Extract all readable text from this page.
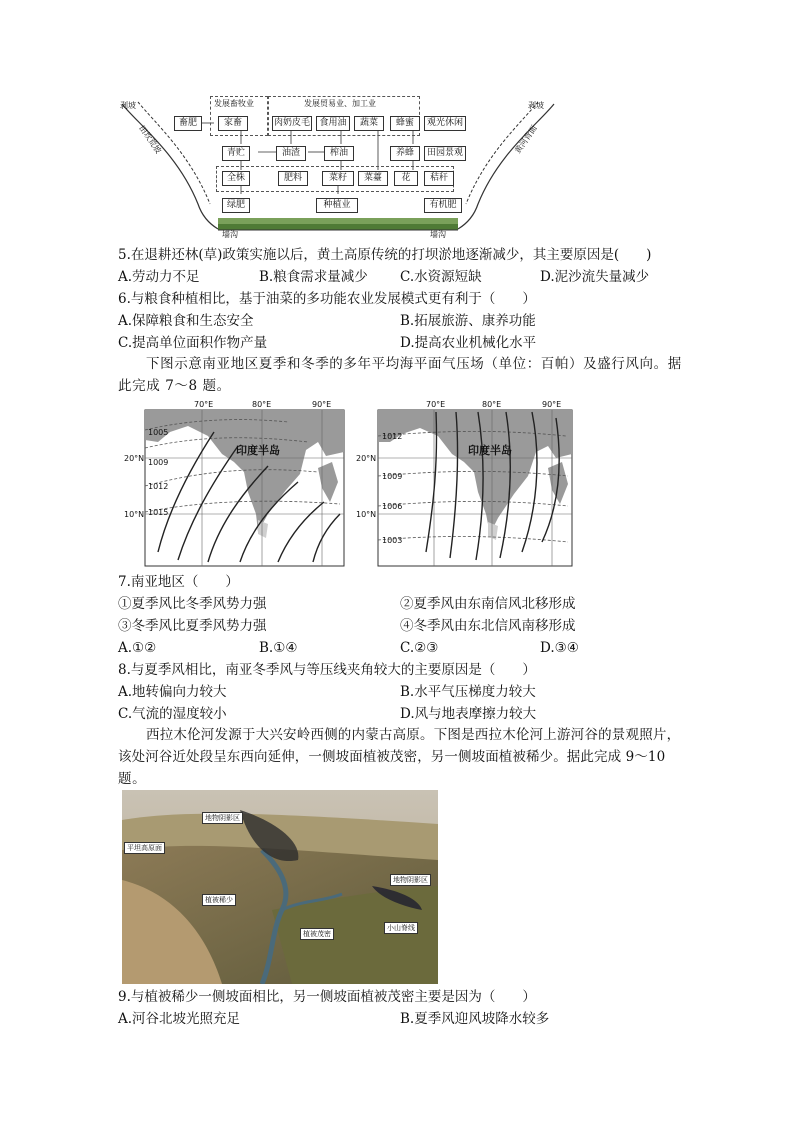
发展畜牧业	发展贸易业、加工业
畜肥	家畜	肉奶皮毛	食用油	蔬菜	蜂蜜	观光休闲
青贮	油渣	榨油	养蜂	田园景观
全株	肥料	菜籽	菜薹	花	秸秆
绿肥	种植业	有机肥
剥坡	剥坡
田坎荒坡	黄河背面
墙沟	墙沟
5.在退耕还林(草)政策实施以后，黄土高原传统的打坝淤地逐渐减少，其主要原因是(　　)
A.劳动力不足	B.粮食需求量减少 C.水资源短缺	D.泥沙流失量减少
6.与粮食种植相比，基于油菜的多功能农业发展模式更有利于（　　）
A.保障粮食和生态安全	B.拓展旅游、康养功能
C.提高单位面积作物产量	D.提高农业机械化水平
下图示意南亚地区夏季和冬季的多年平均海平面气压场（单位：百帕）及盛行风向。据
此完成 7～8 题。
70°E	80°E	90°E
20°N
10°N
1005
1009
1012
1015
印度半岛
70°E	80°E	90°E
20°N
10°N
1012
1009
1006
1003
印度半岛
7.南亚地区（　　）
①夏季风比冬季风势力强	②夏季风由东南信风北移形成
③冬季风比夏季风势力强	④冬季风由东北信风南移形成
A.①②	B.①④	C.②③	D.③④
8.与夏季风相比，南亚冬季风与等压线夹角较大的主要原因是（　　）
A.地转偏向力较大	B.水平气压梯度力较大
C.气流的湿度较小	D.风与地表摩擦力较大
西拉木伦河发源于大兴安岭西侧的内蒙古高原。下图是西拉木伦河上游河谷的景观照片，
该处河谷近处段呈东西向延伸，一侧坡面植被茂密，另一侧坡面植被稀少。据此完成 9～10
题。
地物阴影区
平坦高原面
植被稀少
地物阴影区
植被茂密
小山脊线
9.与植被稀少一侧坡面相比，另一侧坡面植被茂密主要是因为（　　）
A.河谷北坡光照充足	B.夏季风迎风坡降水较多
